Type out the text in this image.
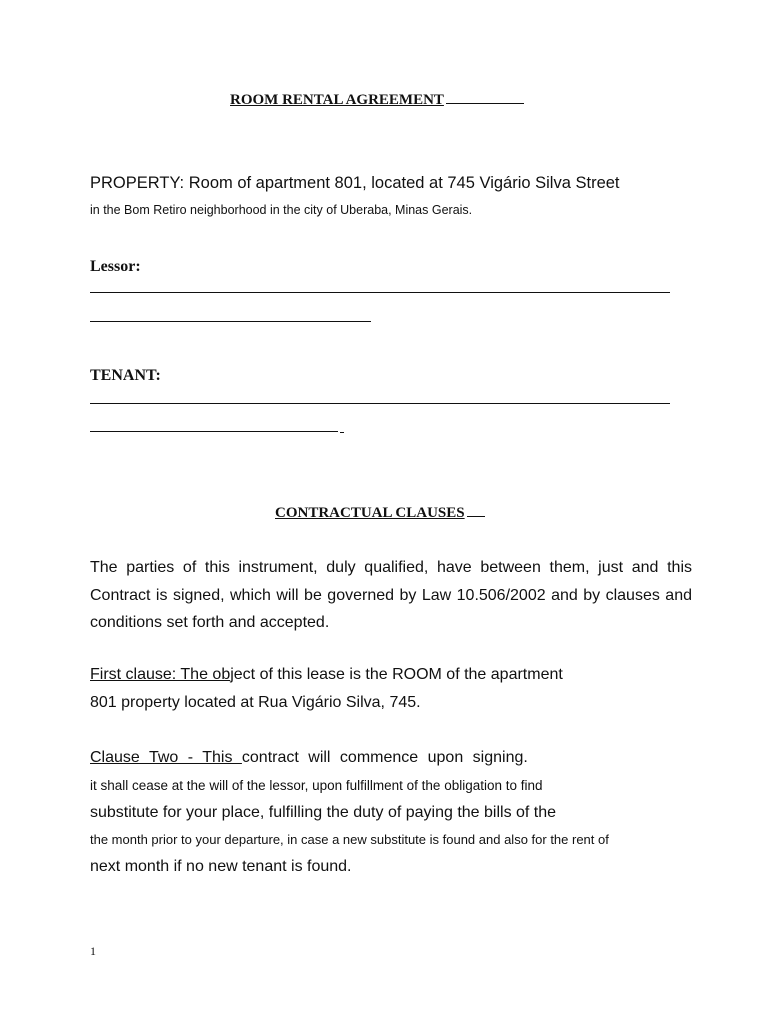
ROOM RENTAL AGREEMENT
PROPERTY: Room of apartment 801, located at 745 Vigário Silva Street
in the Bom Retiro neighborhood in the city of Uberaba, Minas Gerais.
Lessor:
TENANT:
CONTRACTUAL CLAUSES
The parties of this instrument, duly qualified, have between them, just and this Contract is signed, which will be governed by Law 10.506/2002 and by clauses and conditions set forth and accepted.
First clause: The object of this lease is the ROOM of the apartment
801 property located at Rua Vigário Silva, 745.
Clause Two - This contract will commence upon signing.
it shall cease at the will of the lessor, upon fulfillment of the obligation to find
substitute for your place, fulfilling the duty of paying the bills of the
the month prior to your departure, in case a new substitute is found and also for the rent of
next month if no new tenant is found.
1
